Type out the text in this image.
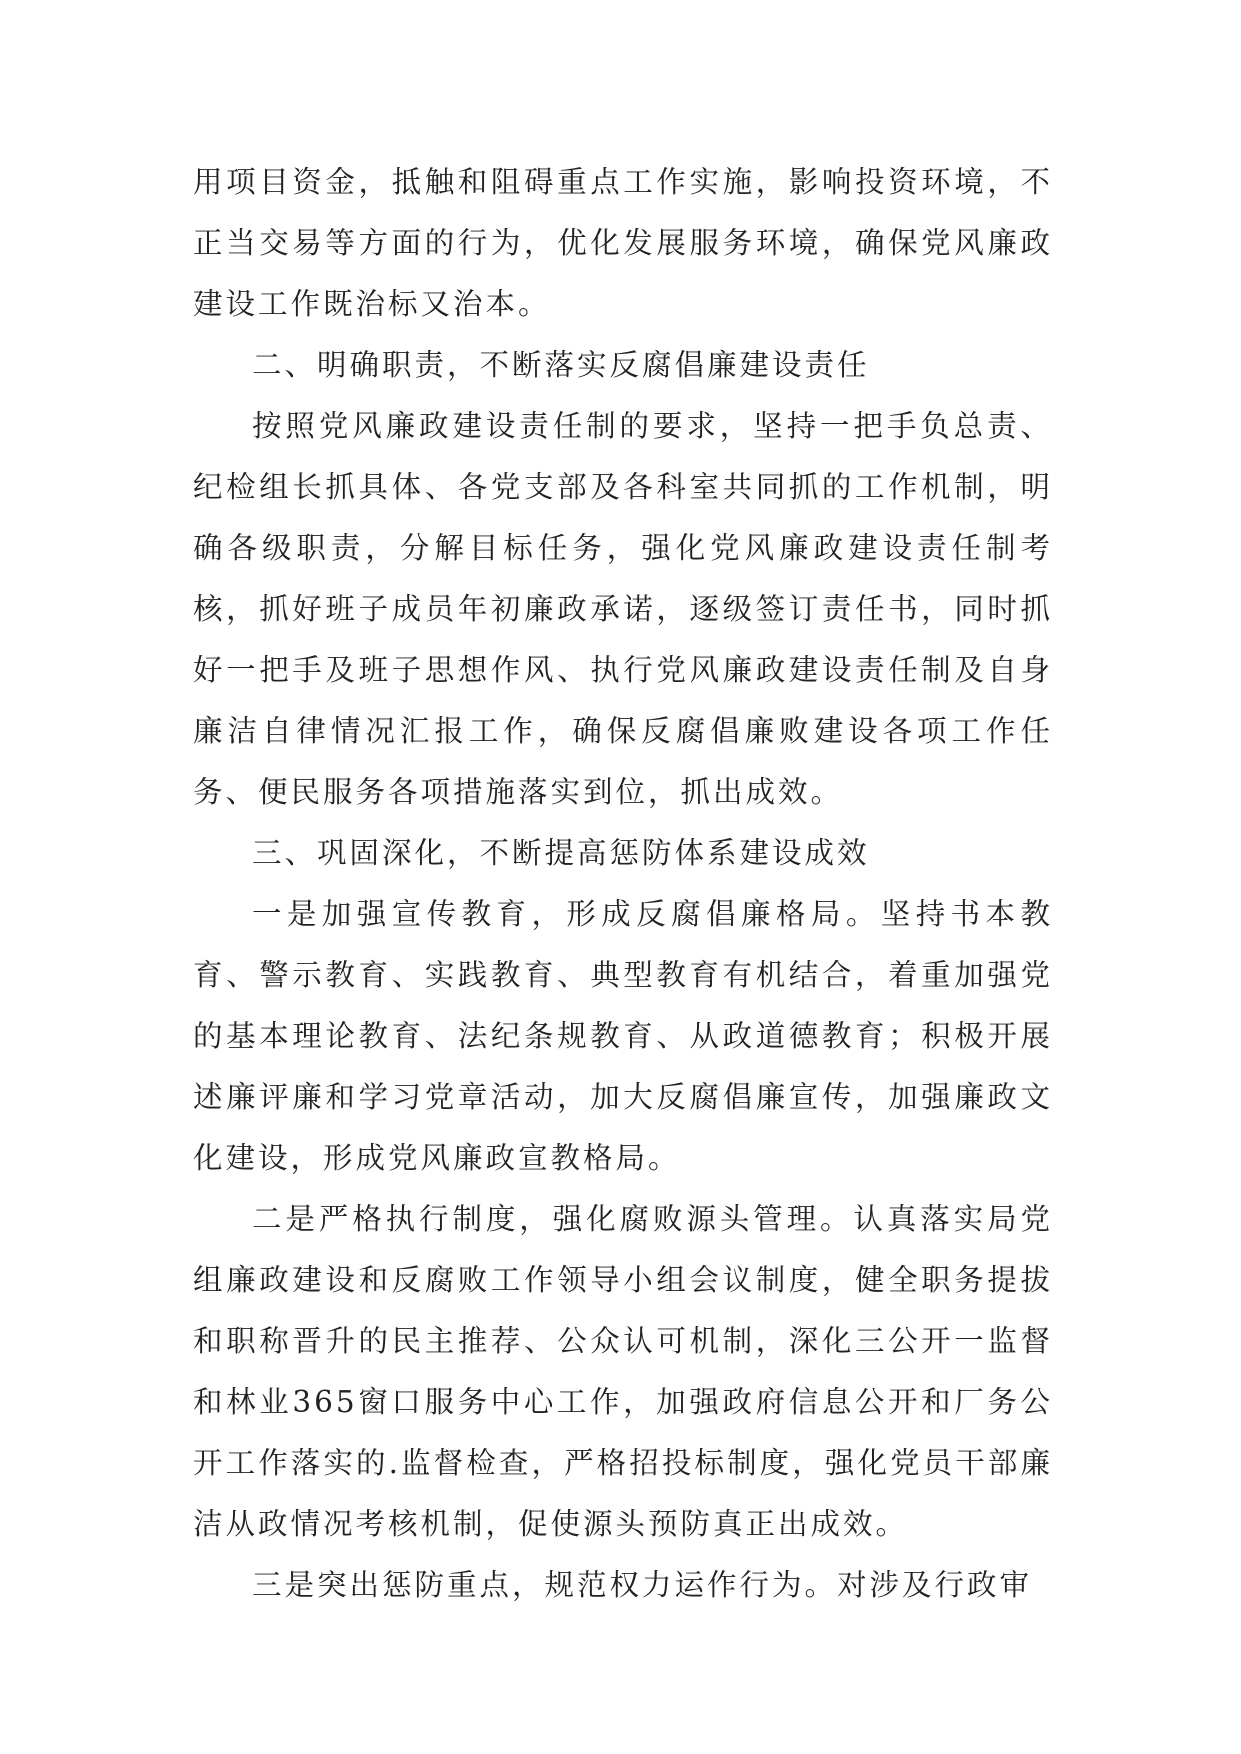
用项目资金，抵触和阻碍重点工作实施，影响投资环境，不正当交易等方面的行为，优化发展服务环境，确保党风廉政建设工作既治标又治本。

二、明确职责，不断落实反腐倡廉建设责任

按照党风廉政建设责任制的要求，坚持一把手负总责、纪检组长抓具体、各党支部及各科室共同抓的工作机制，明确各级职责，分解目标任务，强化党风廉政建设责任制考核，抓好班子成员年初廉政承诺，逐级签订责任书，同时抓好一把手及班子思想作风、执行党风廉政建设责任制及自身廉洁自律情况汇报工作，确保反腐倡廉败建设各项工作任务、便民服务各项措施落实到位，抓出成效。

三、巩固深化，不断提高惩防体系建设成效

一是加强宣传教育，形成反腐倡廉格局。坚持书本教育、警示教育、实践教育、典型教育有机结合，着重加强党的基本理论教育、法纪条规教育、从政道德教育；积极开展述廉评廉和学习党章活动，加大反腐倡廉宣传，加强廉政文化建设，形成党风廉政宣教格局。

二是严格执行制度，强化腐败源头管理。认真落实局党组廉政建设和反腐败工作领导小组会议制度，健全职务提拔和职称晋升的民主推荐、公众认可机制，深化三公开一监督和林业365窗口服务中心工作，加强政府信息公开和厂务公开工作落实的.监督检查，严格招投标制度，强化党员干部廉洁从政情况考核机制，促使源头预防真正出成效。

三是突出惩防重点，规范权力运作行为。对涉及行政审
